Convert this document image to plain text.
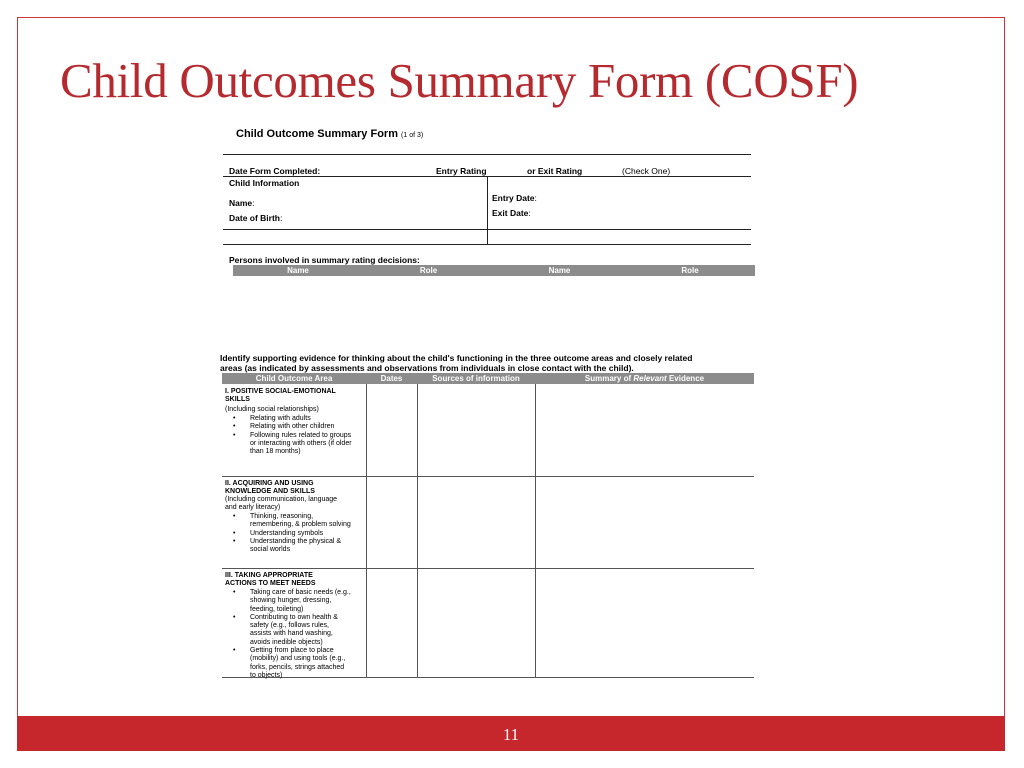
Child Outcomes Summary Form (COSF)
Child Outcome Summary Form (1 of 3)
Date Form Completed:	Entry Rating	or Exit Rating	(Check One)
Child Information
Name:
Date of Birth:
Entry Date:
Exit Date:
Persons involved in summary rating decisions:
Name	Role	Name	Role
Identify supporting evidence for thinking about the child's functioning in the three outcome areas and closely related
areas (as indicated by assessments and observations from individuals in close contact with the child).
Child Outcome Area	Dates	Sources of information	Summary of Relevant Evidence
I. POSITIVE SOCIAL-EMOTIONAL
SKILLS
(Including social relationships)
• Relating with adults
• Relating with other children
• Following rules related to groups
or interacting with others (if older
than 18 months)
II. ACQUIRING AND USING
KNOWLEDGE AND SKILLS
(Including communication, language
and early literacy)
• Thinking, reasoning,
remembering, & problem solving
• Understanding symbols
• Understanding the physical &
social worlds
III. TAKING APPROPRIATE
ACTIONS TO MEET NEEDS
• Taking care of basic needs (e.g.,
showing hunger, dressing,
feeding, toileting)
• Contributing to own health &
safety (e.g., follows rules,
assists with hand washing,
avoids inedible objects)
• Getting from place to place
(mobility) and using tools (e.g.,
forks, pencils, strings attached
to objects)
11
